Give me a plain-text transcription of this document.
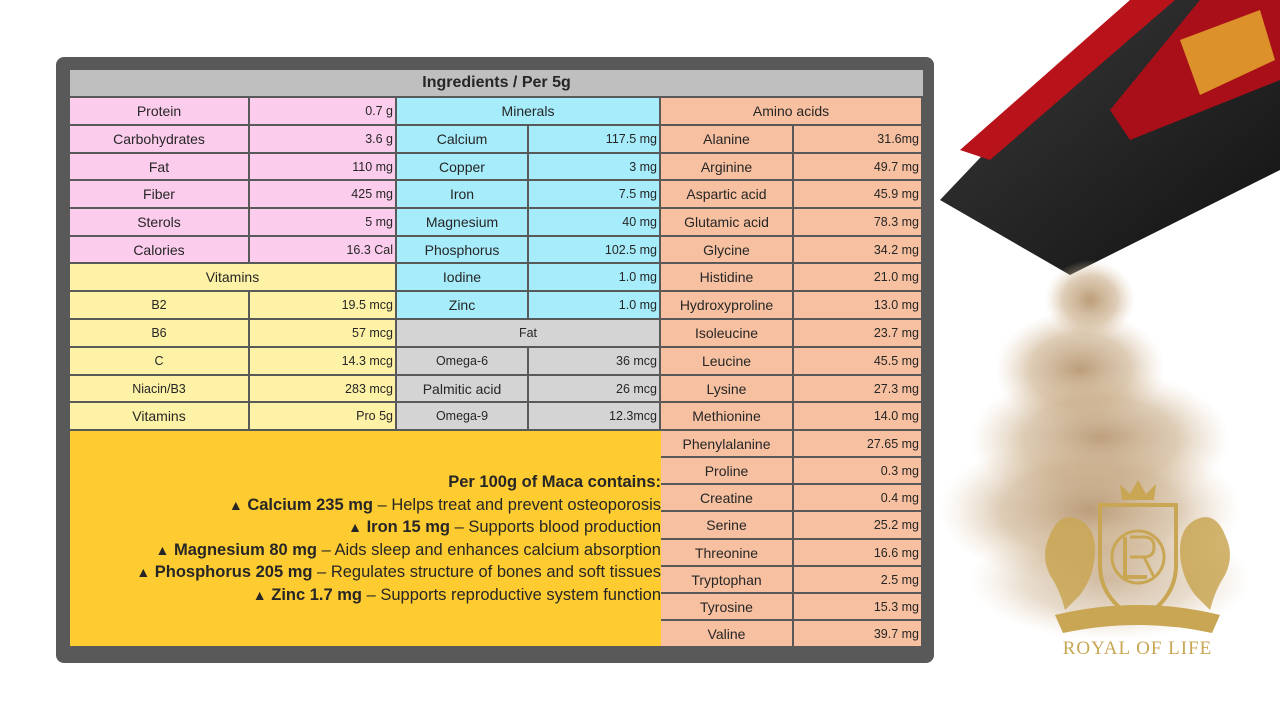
Ingredients / Per 5g
Protein	0.7 g
Carbohydrates	3.6 g
Fat	110 mg
Fiber	425 mg
Sterols	5 mg
Calories	16.3 Cal
Vitamins
B2	19.5 mcg
B6	57 mcg
C	14.3 mcg
Niacin/B3	283 mcg
Vitamins	Pro 5g
Minerals
Calcium	117.5 mg
Copper	3 mg
Iron	7.5 mg
Magnesium	40 mg
Phosphorus	102.5 mg
Iodine	1.0 mg
Zinc	1.0 mg
Fat
Omega-6	36 mcg
Palmitic acid	26 mcg
Omega-9	12.3mcg
Amino acids
Alanine	31.6mg
Arginine	49.7 mg
Aspartic acid	45.9 mg
Glutamic acid	78.3 mg
Glycine	34.2 mg
Histidine	21.0 mg
Hydroxyproline	13.0 mg
Isoleucine	23.7 mg
Leucine	45.5 mg
Lysine	27.3 mg
Methionine	14.0 mg
Phenylalanine	27.65 mg
Proline	0.3 mg
Creatine	0.4 mg
Serine	25.2 mg
Threonine	16.6 mg
Tryptophan	2.5 mg
Tyrosine	15.3 mg
Valine	39.7 mg
Per 100g of Maca contains:
▲ Calcium 235 mg – Helps treat and prevent osteoporosis
▲ Iron 15 mg – Supports blood production
▲ Magnesium 80 mg – Aids sleep and enhances calcium absorption
▲ Phosphorus 205 mg – Regulates structure of bones and soft tissues
▲ Zinc 1.7 mg – Supports reproductive system function
ROYAL OF LIFE
